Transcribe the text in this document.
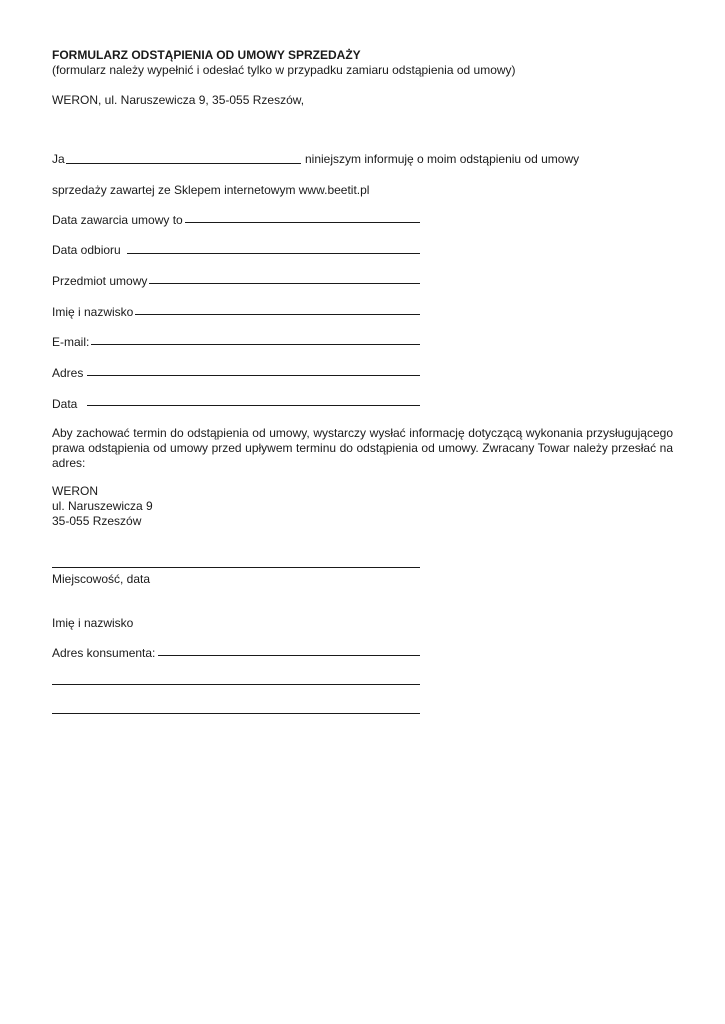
FORMULARZ ODSTĄPIENIA OD UMOWY SPRZEDAŻY
(formularz należy wypełnić i odesłać tylko w przypadku zamiaru odstąpienia od umowy)
WERON, ul. Naruszewicza 9, 35-055 Rzeszów,
Ja	niniejszym informuję o moim odstąpieniu od umowy
sprzedaży zawartej ze Sklepem internetowym www.beetit.pl
Data zawarcia umowy to
Data odbioru
Przedmiot umowy
Imię i nazwisko
E-mail:
Adres
Data
Aby zachować termin do odstąpienia od umowy, wystarczy wysłać informację dotyczącą wykonania przysługującego prawa odstąpienia od umowy przed upływem terminu do odstąpienia od umowy. Zwracany Towar należy przesłać na adres:
WERON
ul. Naruszewicza 9
35-055 Rzeszów
Miejscowość, data
Imię i nazwisko
Adres konsumenta:
